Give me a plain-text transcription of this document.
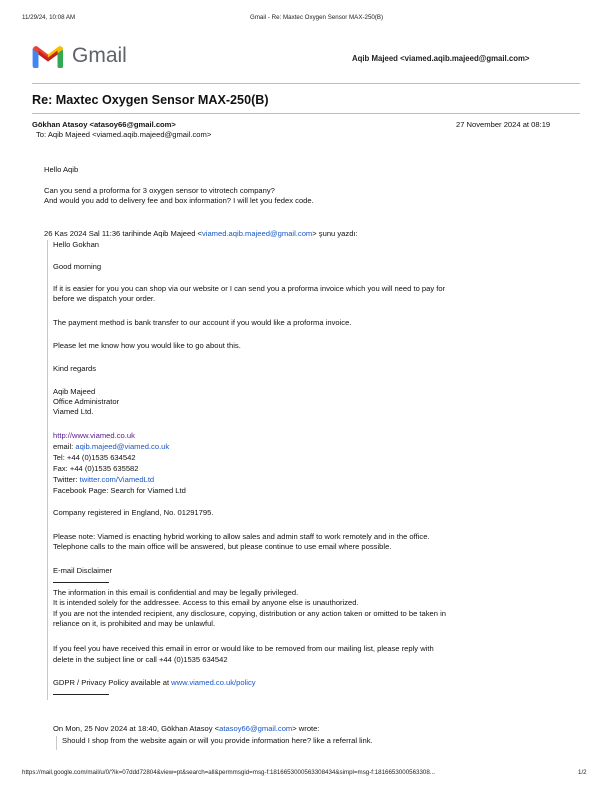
11/29/24, 10:08 AM	Gmail - Re: Maxtec Oxygen Sensor MAX-250(B)
Gmail	Aqib Majeed <viamed.aqib.majeed@gmail.com>
Re: Maxtec Oxygen Sensor MAX-250(B)
Gökhan Atasoy <atasoy66@gmail.com>	27 November 2024 at 08:19
To: Aqib Majeed <viamed.aqib.majeed@gmail.com>
Hello Aqib
Can you send a proforma for 3 oxygen sensor to vitrotech company?
And would you add to delivery fee and box information? I will let you fedex code.
26 Kas 2024 Sal 11:36 tarihinde Aqib Majeed <viamed.aqib.majeed@gmail.com> şunu yazdı:
Hello Gokhan
Good morning
If it is easier for you you can shop via our website or I can send you a proforma invoice which you will need to pay for
before we dispatch your order.
The payment method is bank transfer to our account if you would like a proforma invoice.
Please let me know how you would like to go about this.
Kind regards
Aqib Majeed
Office Administrator
Viamed Ltd.
http://www.viamed.co.uk
email: aqib.majeed@viamed.co.uk
Tel: +44 (0)1535 634542
Fax: +44 (0)1535 635582
Twitter: twitter.com/ViamedLtd
Facebook Page: Search for Viamed Ltd
Company registered in England, No. 01291795.
Please note: Viamed is enacting hybrid working to allow sales and admin staff to work remotely and in the office.
Telephone calls to the main office will be answered, but please continue to use email where possible.
E-mail Disclaimer
The information in this email is confidential and may be legally privileged.
It is intended solely for the addressee. Access to this email by anyone else is unauthorized.
If you are not the intended recipient, any disclosure, copying, distribution or any action taken or omitted to be taken in
reliance on it, is prohibited and may be unlawful.
If you feel you have received this email in error or would like to be removed from our mailing list, please reply with
delete in the subject line or call +44 (0)1535 634542
GDPR / Privacy Policy available at www.viamed.co.uk/policy
On Mon, 25 Nov 2024 at 18:40, Gökhan Atasoy <atasoy66@gmail.com> wrote:
Should I shop from the website again or will you provide information here? like a referral link.
https://mail.google.com/mail/u/0/?ik=07ddd72804&view=pt&search=all&permmsgid=msg-f:1816653000563308434&simpl=msg-f:1816653000563308...	1/2
